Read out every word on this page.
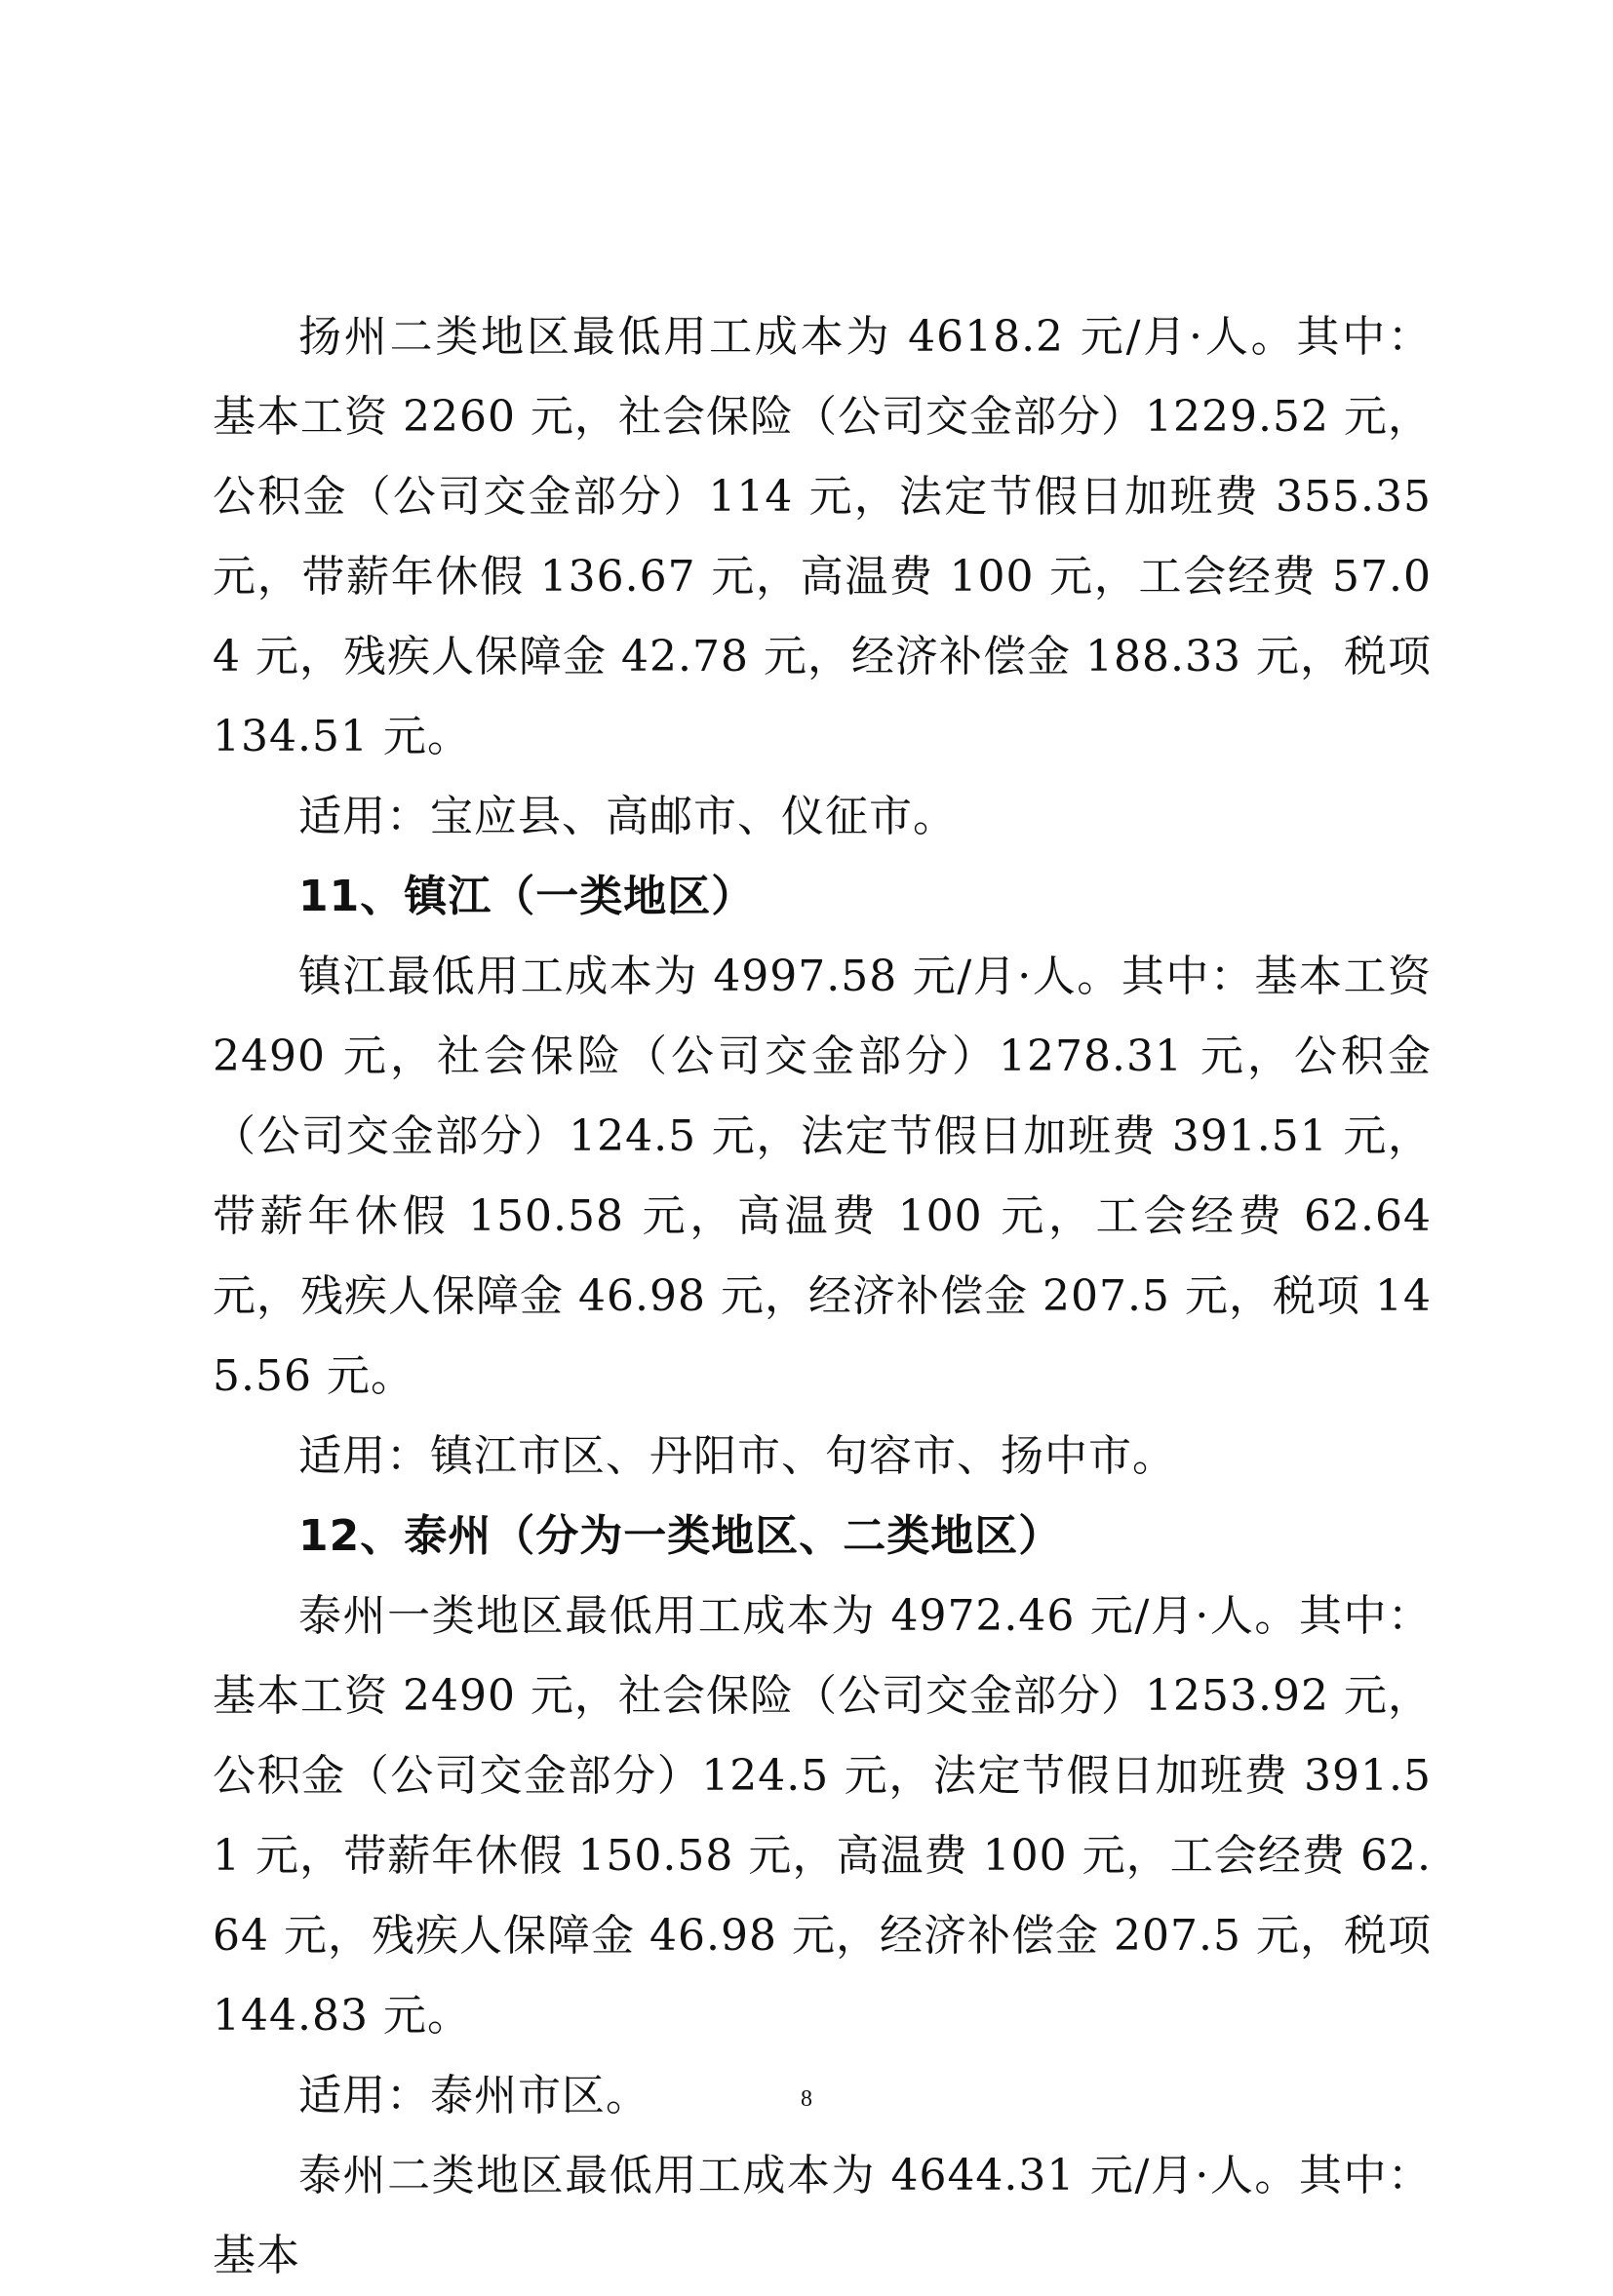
扬州二类地区最低用工成本为 4618.2 元/月·人。其中：基本工资 2260 元，社会保险（公司交金部分）1229.52 元，公积金（公司交金部分）114 元，法定节假日加班费 355.35 元，带薪年休假 136.67 元，高温费 100 元，工会经费 57.04 元，残疾人保障金 42.78 元，经济补偿金 188.33 元，税项 134.51 元。

适用：宝应县、高邮市、仪征市。

11、镇江（一类地区）

镇江最低用工成本为 4997.58 元/月·人。其中：基本工资 2490 元，社会保险（公司交金部分）1278.31 元，公积金（公司交金部分）124.5 元，法定节假日加班费 391.51 元，带薪年休假 150.58 元，高温费 100 元，工会经费 62.64 元，残疾人保障金 46.98 元，经济补偿金 207.5 元，税项 145.56 元。

适用：镇江市区、丹阳市、句容市、扬中市。

12、泰州（分为一类地区、二类地区）

泰州一类地区最低用工成本为 4972.46 元/月·人。其中：基本工资 2490 元，社会保险（公司交金部分）1253.92 元，公积金（公司交金部分）124.5 元，法定节假日加班费 391.51 元，带薪年休假 150.58 元，高温费 100 元，工会经费 62.64 元，残疾人保障金 46.98 元，经济补偿金 207.5 元，税项 144.83 元。

适用：泰州市区。

泰州二类地区最低用工成本为 4644.31 元/月·人。其中：基本

8
